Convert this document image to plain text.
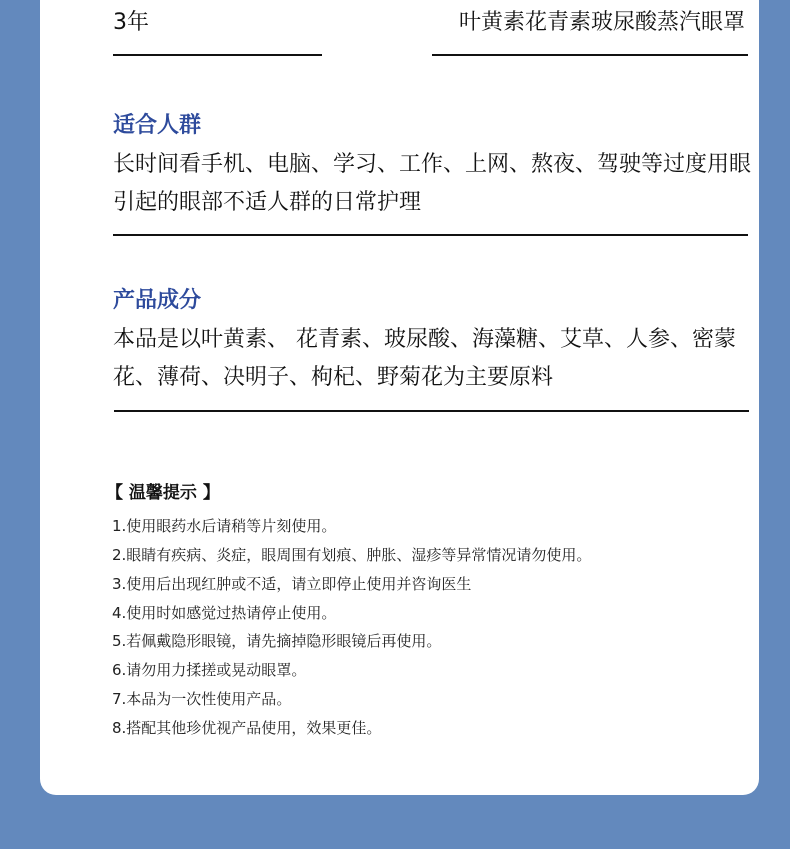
3年	叶黄素花青素玻尿酸蒸汽眼罩
适合人群
长时间看手机、电脑、学习、工作、上网、熬夜、驾驶等过度用眼引起的眼部不适人群的日常护理
产品成分
本品是以叶黄素、 花青素、玻尿酸、海藻糖、艾草、人参、密蒙花、薄荷、决明子、枸杞、野菊花为主要原料
【 温馨提示 】
1.使用眼药水后请稍等片刻使用。
2.眼睛有疾病、炎症，眼周围有划痕、肿胀、湿疹等异常情况请勿使用。
3.使用后出现红肿或不适，请立即停止使用并咨询医生
4.使用时如感觉过热请停止使用。
5.若佩戴隐形眼镜，请先摘掉隐形眼镜后再使用。
6.请勿用力揉搓或晃动眼罩。
7.本品为一次性使用产品。
8.搭配其他珍优视产品使用，效果更佳。
